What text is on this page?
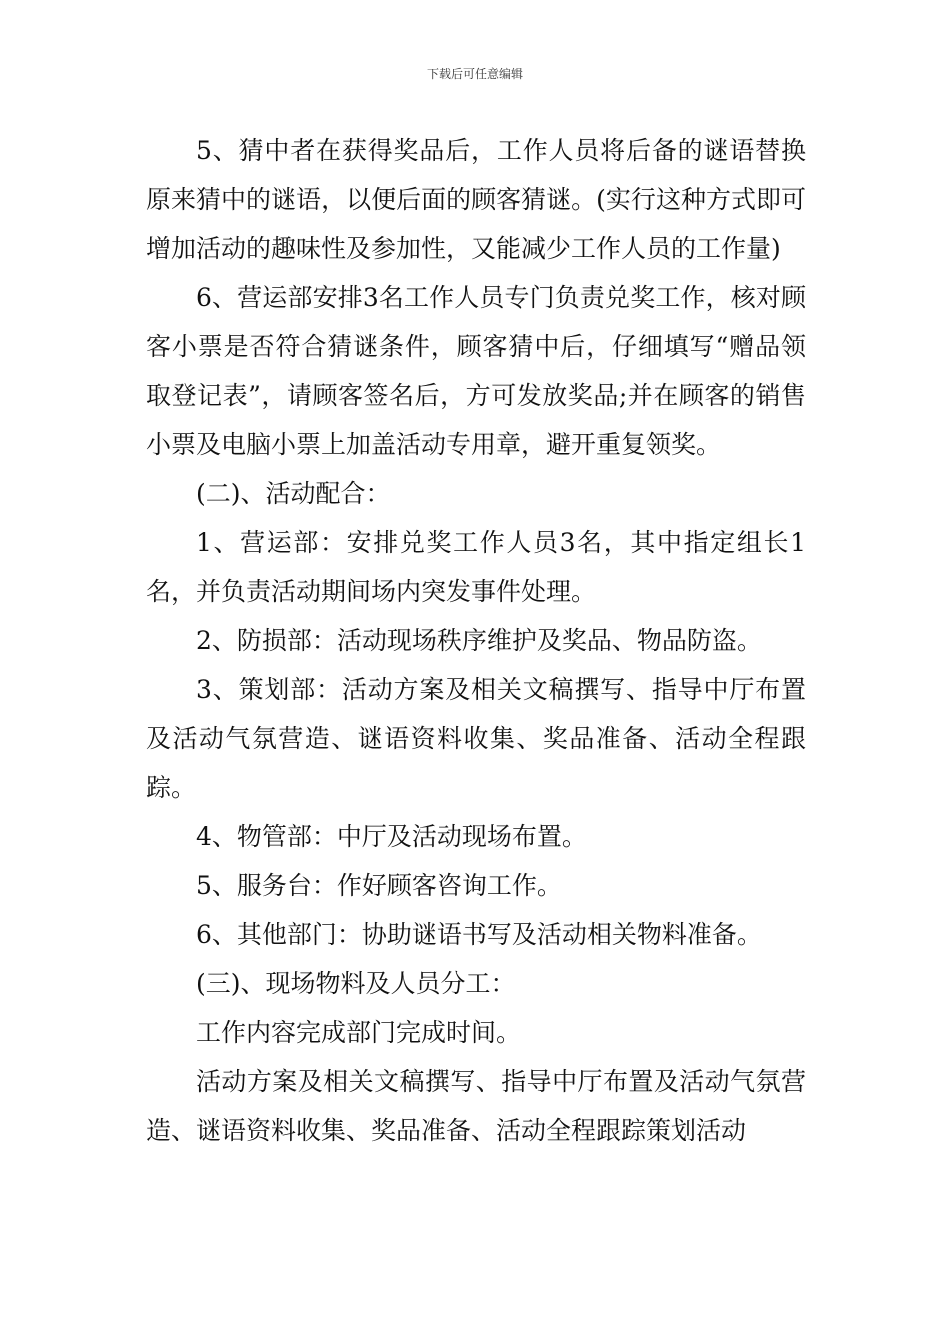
下载后可任意编辑

5、猜中者在获得奖品后，工作人员将后备的谜语替换原来猜中的谜语，以便后面的顾客猜谜。(实行这种方式即可增加活动的趣味性及参加性，又能减少工作人员的工作量)

6、营运部安排3名工作人员专门负责兑奖工作，核对顾客小票是否符合猜谜条件，顾客猜中后，仔细填写“赠品领取登记表”，请顾客签名后，方可发放奖品;并在顾客的销售小票及电脑小票上加盖活动专用章，避开重复领奖。

(二)、活动配合：

1、营运部：安排兑奖工作人员3名，其中指定组长1名，并负责活动期间场内突发事件处理。

2、防损部：活动现场秩序维护及奖品、物品防盗。

3、策划部：活动方案及相关文稿撰写、指导中厅布置及活动气氛营造、谜语资料收集、奖品准备、活动全程跟踪。

4、物管部：中厅及活动现场布置。

5、服务台：作好顾客咨询工作。

6、其他部门：协助谜语书写及活动相关物料准备。

(三)、现场物料及人员分工：

工作内容完成部门完成时间。

活动方案及相关文稿撰写、指导中厅布置及活动气氛营造、谜语资料收集、奖品准备、活动全程跟踪策划活动
